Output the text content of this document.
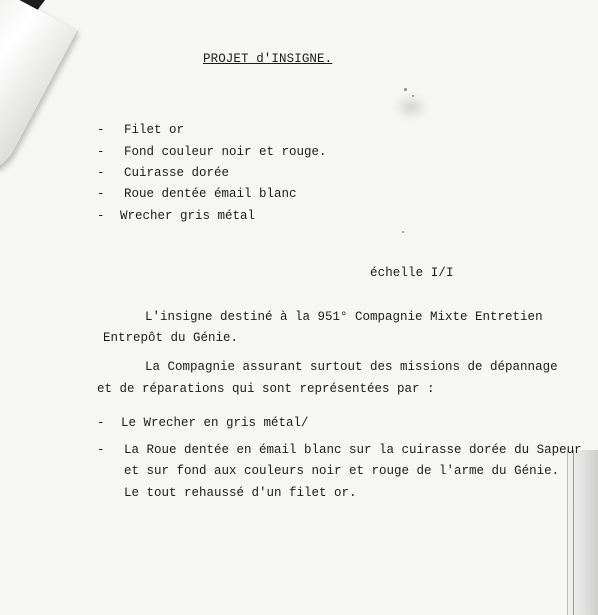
PROJET d'INSIGNE.
- Filet or
- Fond couleur noir et rouge.
- Cuirasse dorée
- Roue dentée émail blanc
- Wrecher gris métal
échelle I/I
L'insigne destiné à la 951° Compagnie Mixte Entretien
Entrepôt du Génie.
La Compagnie assurant surtout des missions de dépannage
et de réparations qui sont représentées par :
- Le Wrecher en gris métal/
- La Roue dentée en émail blanc sur la cuirasse dorée du Sapeur
et sur fond aux couleurs noir et rouge de l'arme du Génie.
Le tout rehaussé d'un filet or.
